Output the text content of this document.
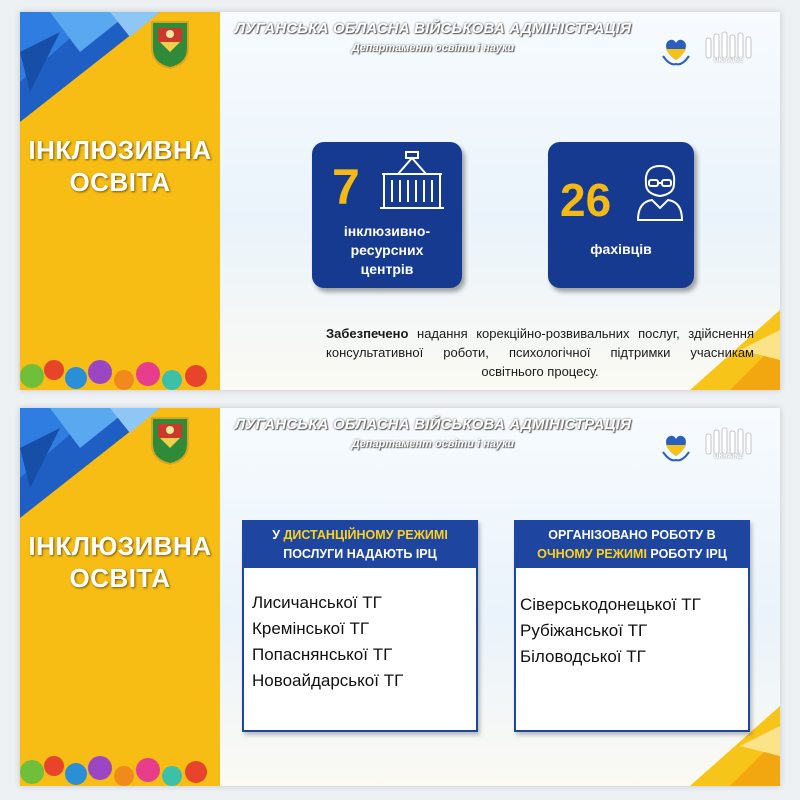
ІНКЛЮЗИВНА
ОСВІТА
ЛУГАНСЬКА ОБЛАСНА ВІЙСЬКОВА АДМІНІСТРАЦІЯ
Департамент освіти і науки
UKRAINE
7
інклюзивно-
ресурсних
центрів
26
фахівців
Забезпечено надання корекційно-розвивальних послуг, здійснення консультативної роботи, психологічної підтримки учасникам освітнього процесу.
ІНКЛЮЗИВНА
ОСВІТА
ЛУГАНСЬКА ОБЛАСНА ВІЙСЬКОВА АДМІНІСТРАЦІЯ
Департамент освіти і науки
UKRAINE
У ДИСТАНЦІЙНОМУ РЕЖИМІ
ПОСЛУГИ НАДАЮТЬ ІРЦ
Лисичанської ТГ
Кремінської ТГ
Попаснянської ТГ
Новоайдарської ТГ
ОРГАНІЗОВАНО РОБОТУ В
ОЧНОМУ РЕЖИМІ РОБОТУ ІРЦ
Сіверськодонецької ТГ
Рубіжанської ТГ
Біловодської ТГ
